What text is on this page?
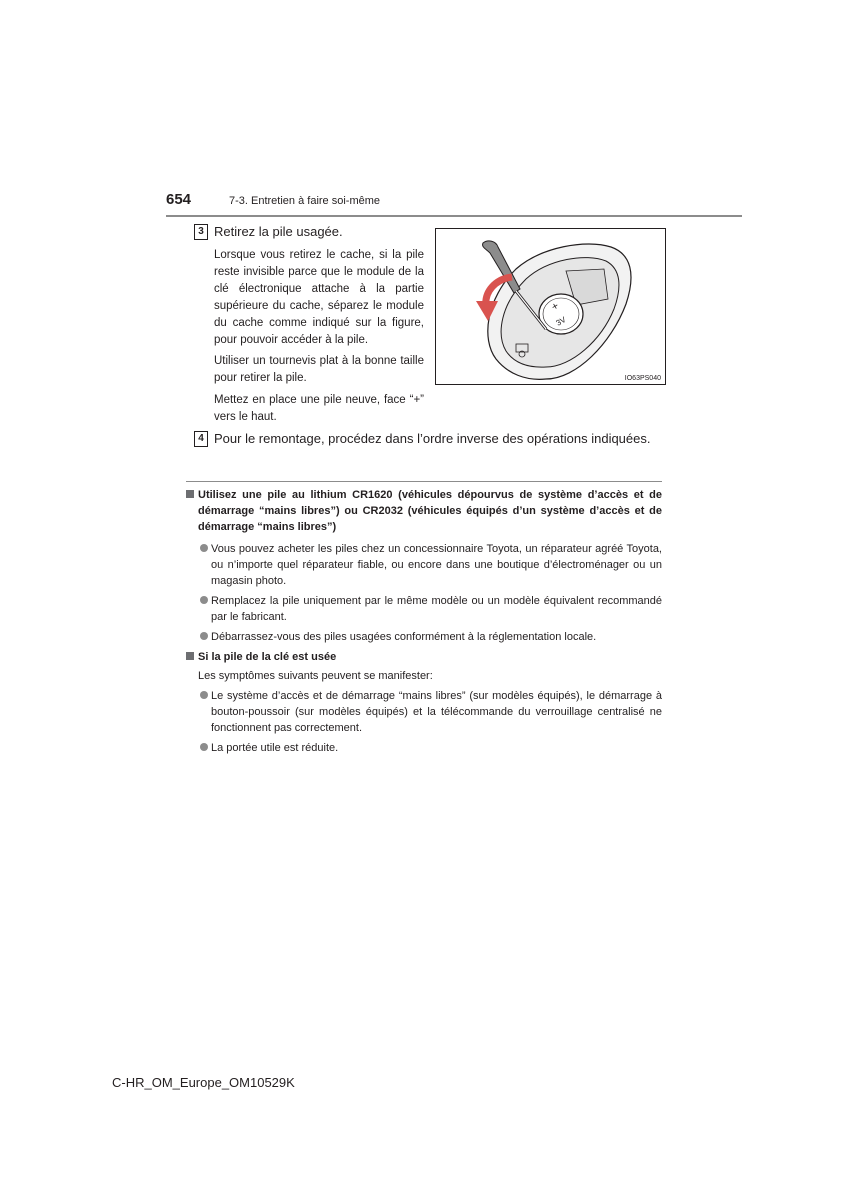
654	7-3. Entretien à faire soi-même
3 Retirez la pile usagée.
Lorsque vous retirez le cache, si la pile reste invisible parce que le module de la clé électronique attache à la partie supérieure du cache, séparez le module du cache comme indiqué sur la figure, pour pouvoir accéder à la pile.
Utiliser un tournevis plat à la bonne taille pour retirer la pile.
Mettez en place une pile neuve, face “+” vers le haut.
+
3V
IO63PS040
4 Pour le remontage, procédez dans l’ordre inverse des opérations indiquées.
Utilisez une pile au lithium CR1620 (véhicules dépourvus de système d’accès et de démarrage “mains libres”) ou CR2032 (véhicules équipés d’un système d’accès et de démarrage “mains libres”)
Vous pouvez acheter les piles chez un concessionnaire Toyota, un réparateur agréé Toyota, ou n’importe quel réparateur fiable, ou encore dans une boutique d’électroménager ou un magasin photo.
Remplacez la pile uniquement par le même modèle ou un modèle équivalent recommandé par le fabricant.
Débarrassez-vous des piles usagées conformément à la réglementation locale.
Si la pile de la clé est usée
Les symptômes suivants peuvent se manifester:
Le système d’accès et de démarrage “mains libres” (sur modèles équipés), le démarrage à bouton-poussoir (sur modèles équipés) et la télécommande du verrouillage centralisé ne fonctionnent pas correctement.
La portée utile est réduite.
C-HR_OM_Europe_OM10529K
